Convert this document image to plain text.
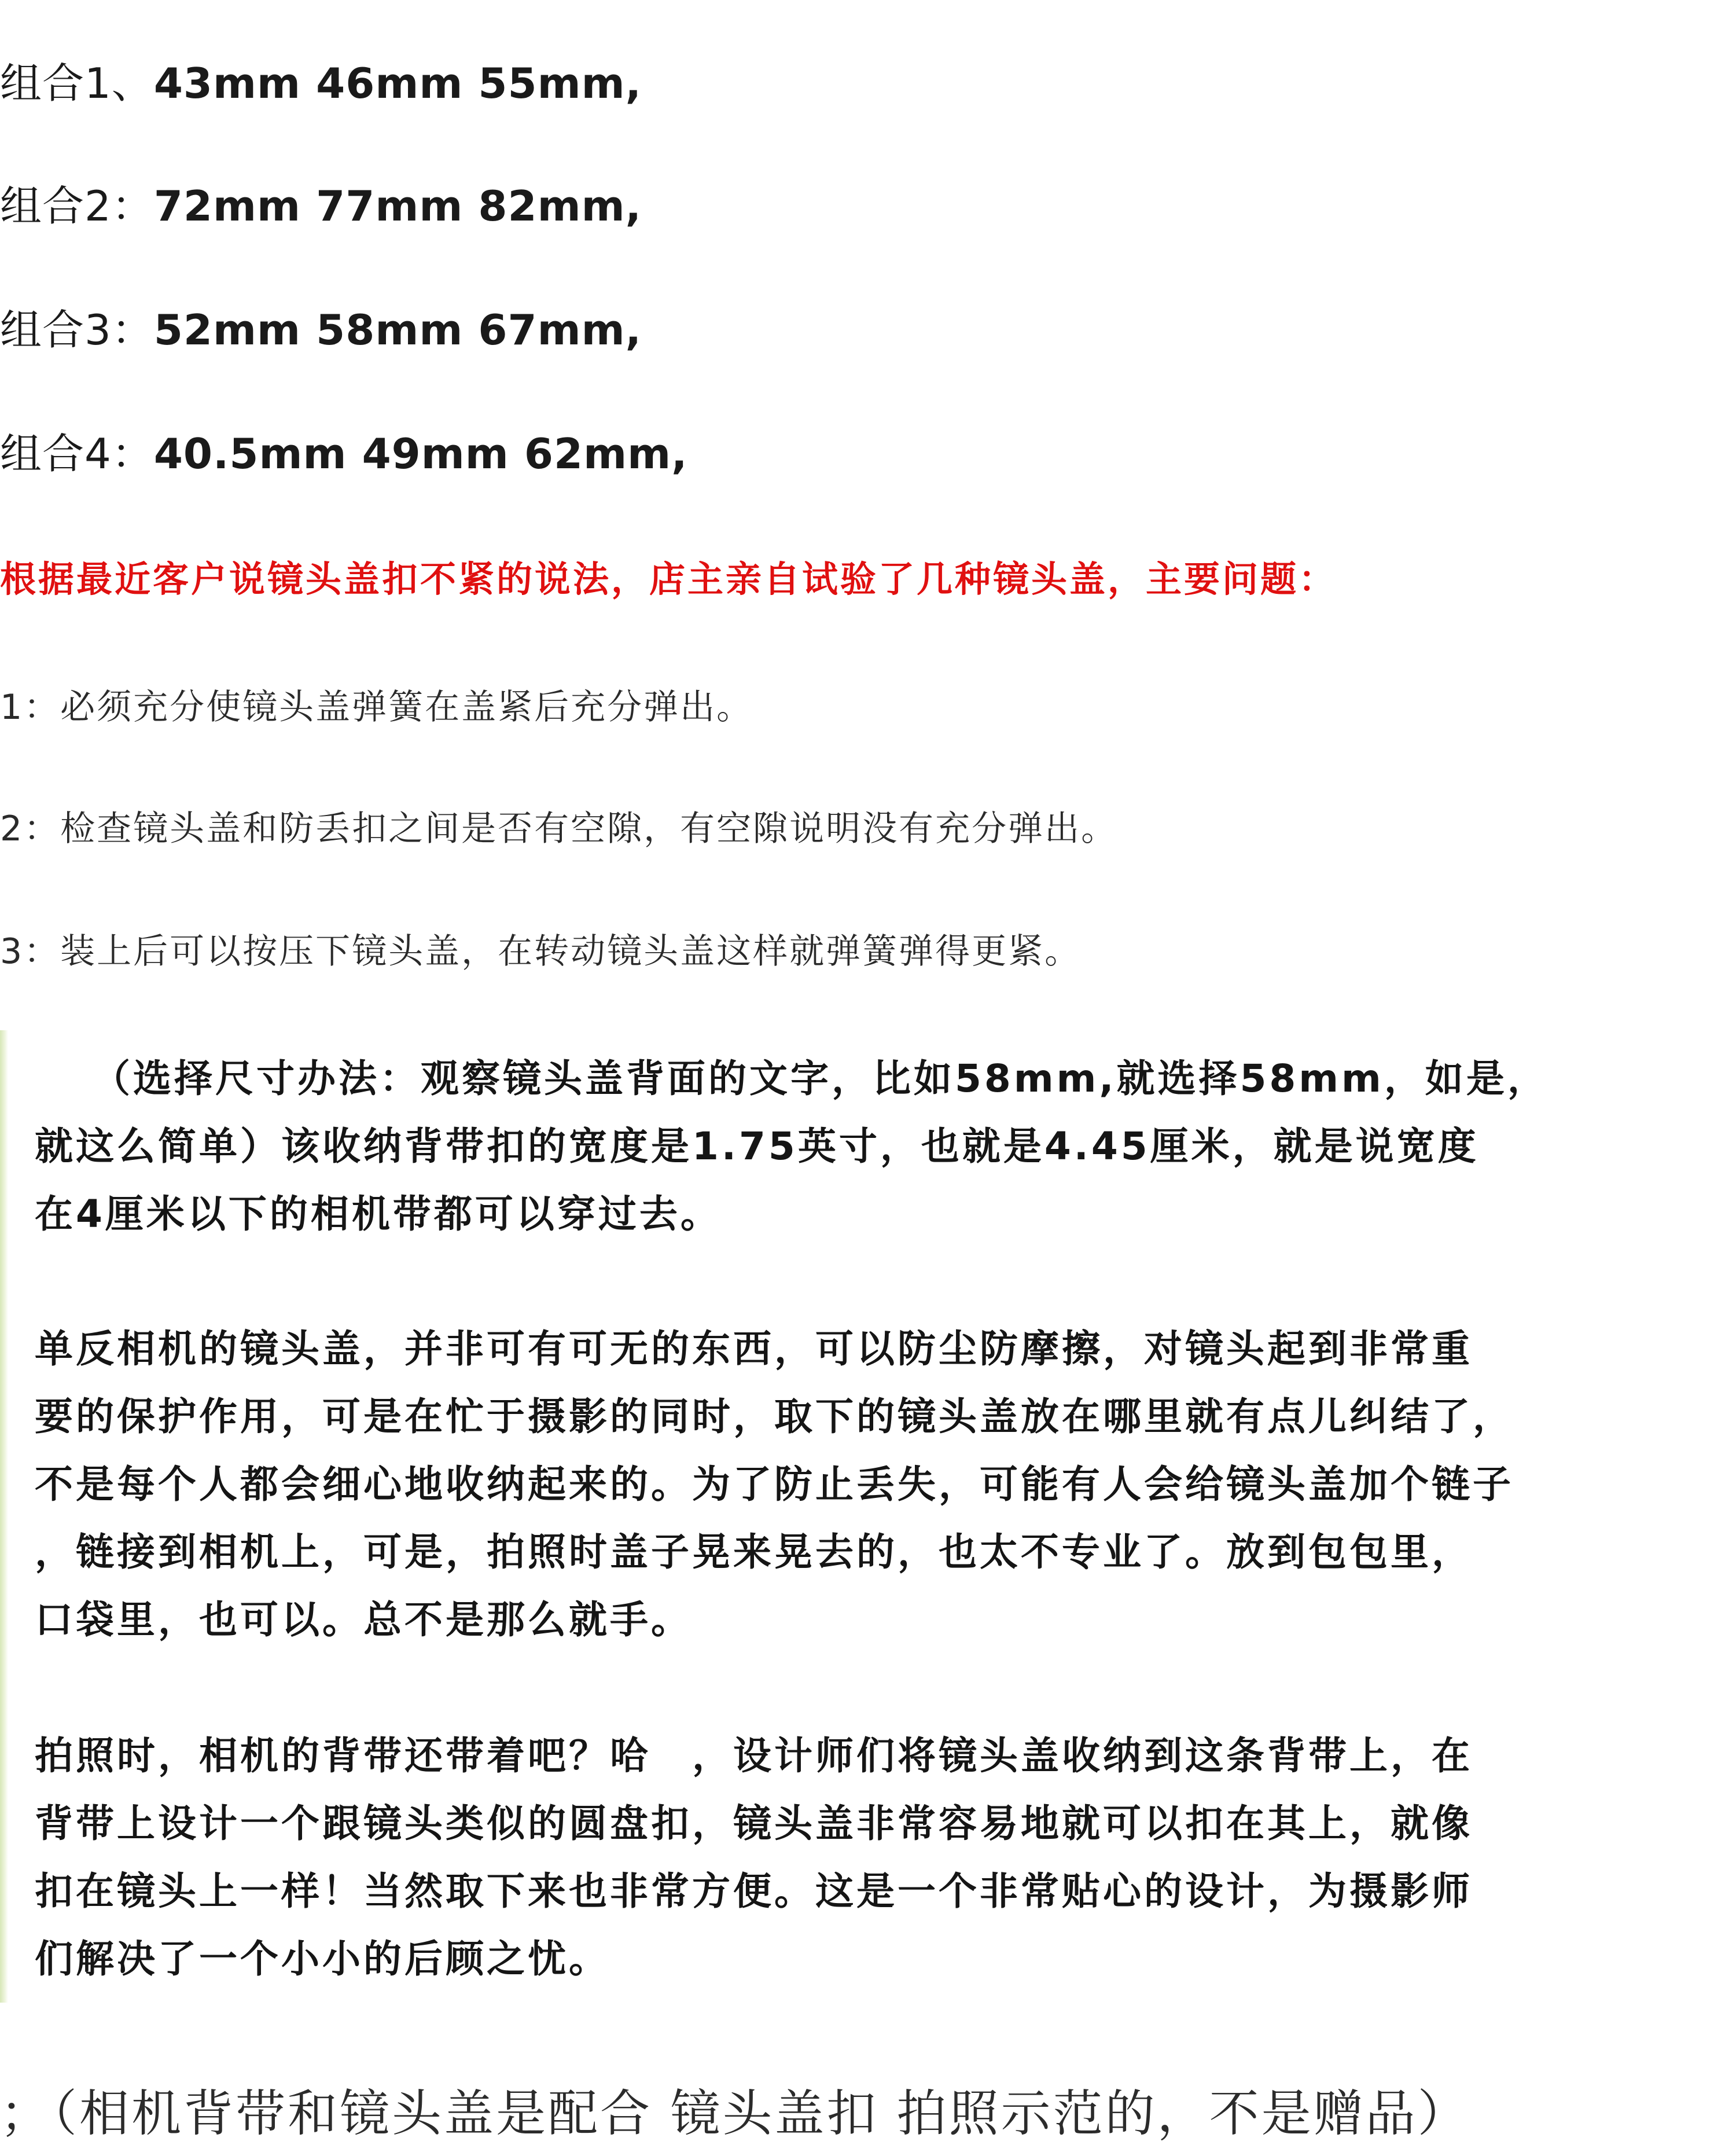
组合1、43mm 46mm 55mm,
组合2：72mm 77mm 82mm,
组合3：52mm 58mm 67mm,
组合4：40.5mm 49mm 62mm,
根据最近客户说镜头盖扣不紧的说法，店主亲自试验了几种镜头盖，主要问题：
1：必须充分使镜头盖弹簧在盖紧后充分弹出。
2：检查镜头盖和防丢扣之间是否有空隙，有空隙说明没有充分弹出。
3：装上后可以按压下镜头盖，在转动镜头盖这样就弹簧弹得更紧。

　 （选择尺寸办法：观察镜头盖背面的文字，比如58mm,就选择58mm，如是，
就这么简单）该收纳背带扣的宽度是1.75英寸，也就是4.45厘米，就是说宽度
在4厘米以下的相机带都可以穿过去。

单反相机的镜头盖，并非可有可无的东西，可以防尘防摩擦，对镜头起到非常重
要的保护作用，可是在忙于摄影的同时，取下的镜头盖放在哪里就有点儿纠结了，
不是每个人都会细心地收纳起来的。为了防止丢失，可能有人会给镜头盖加个链子
，链接到相机上，可是，拍照时盖子晃来晃去的，也太不专业了。放到包包里，
口袋里，也可以。总不是那么就手。

拍照时，相机的背带还带着吧？哈　，设计师们将镜头盖收纳到这条背带上，在
背带上设计一个跟镜头类似的圆盘扣，镜头盖非常容易地就可以扣在其上，就像
扣在镜头上一样！当然取下来也非常方便。这是一个非常贴心的设计，为摄影师
们解决了一个小小的后顾之忧。

；（相机背带和镜头盖是配合 镜头盖扣 拍照示范的，不是赠品）
